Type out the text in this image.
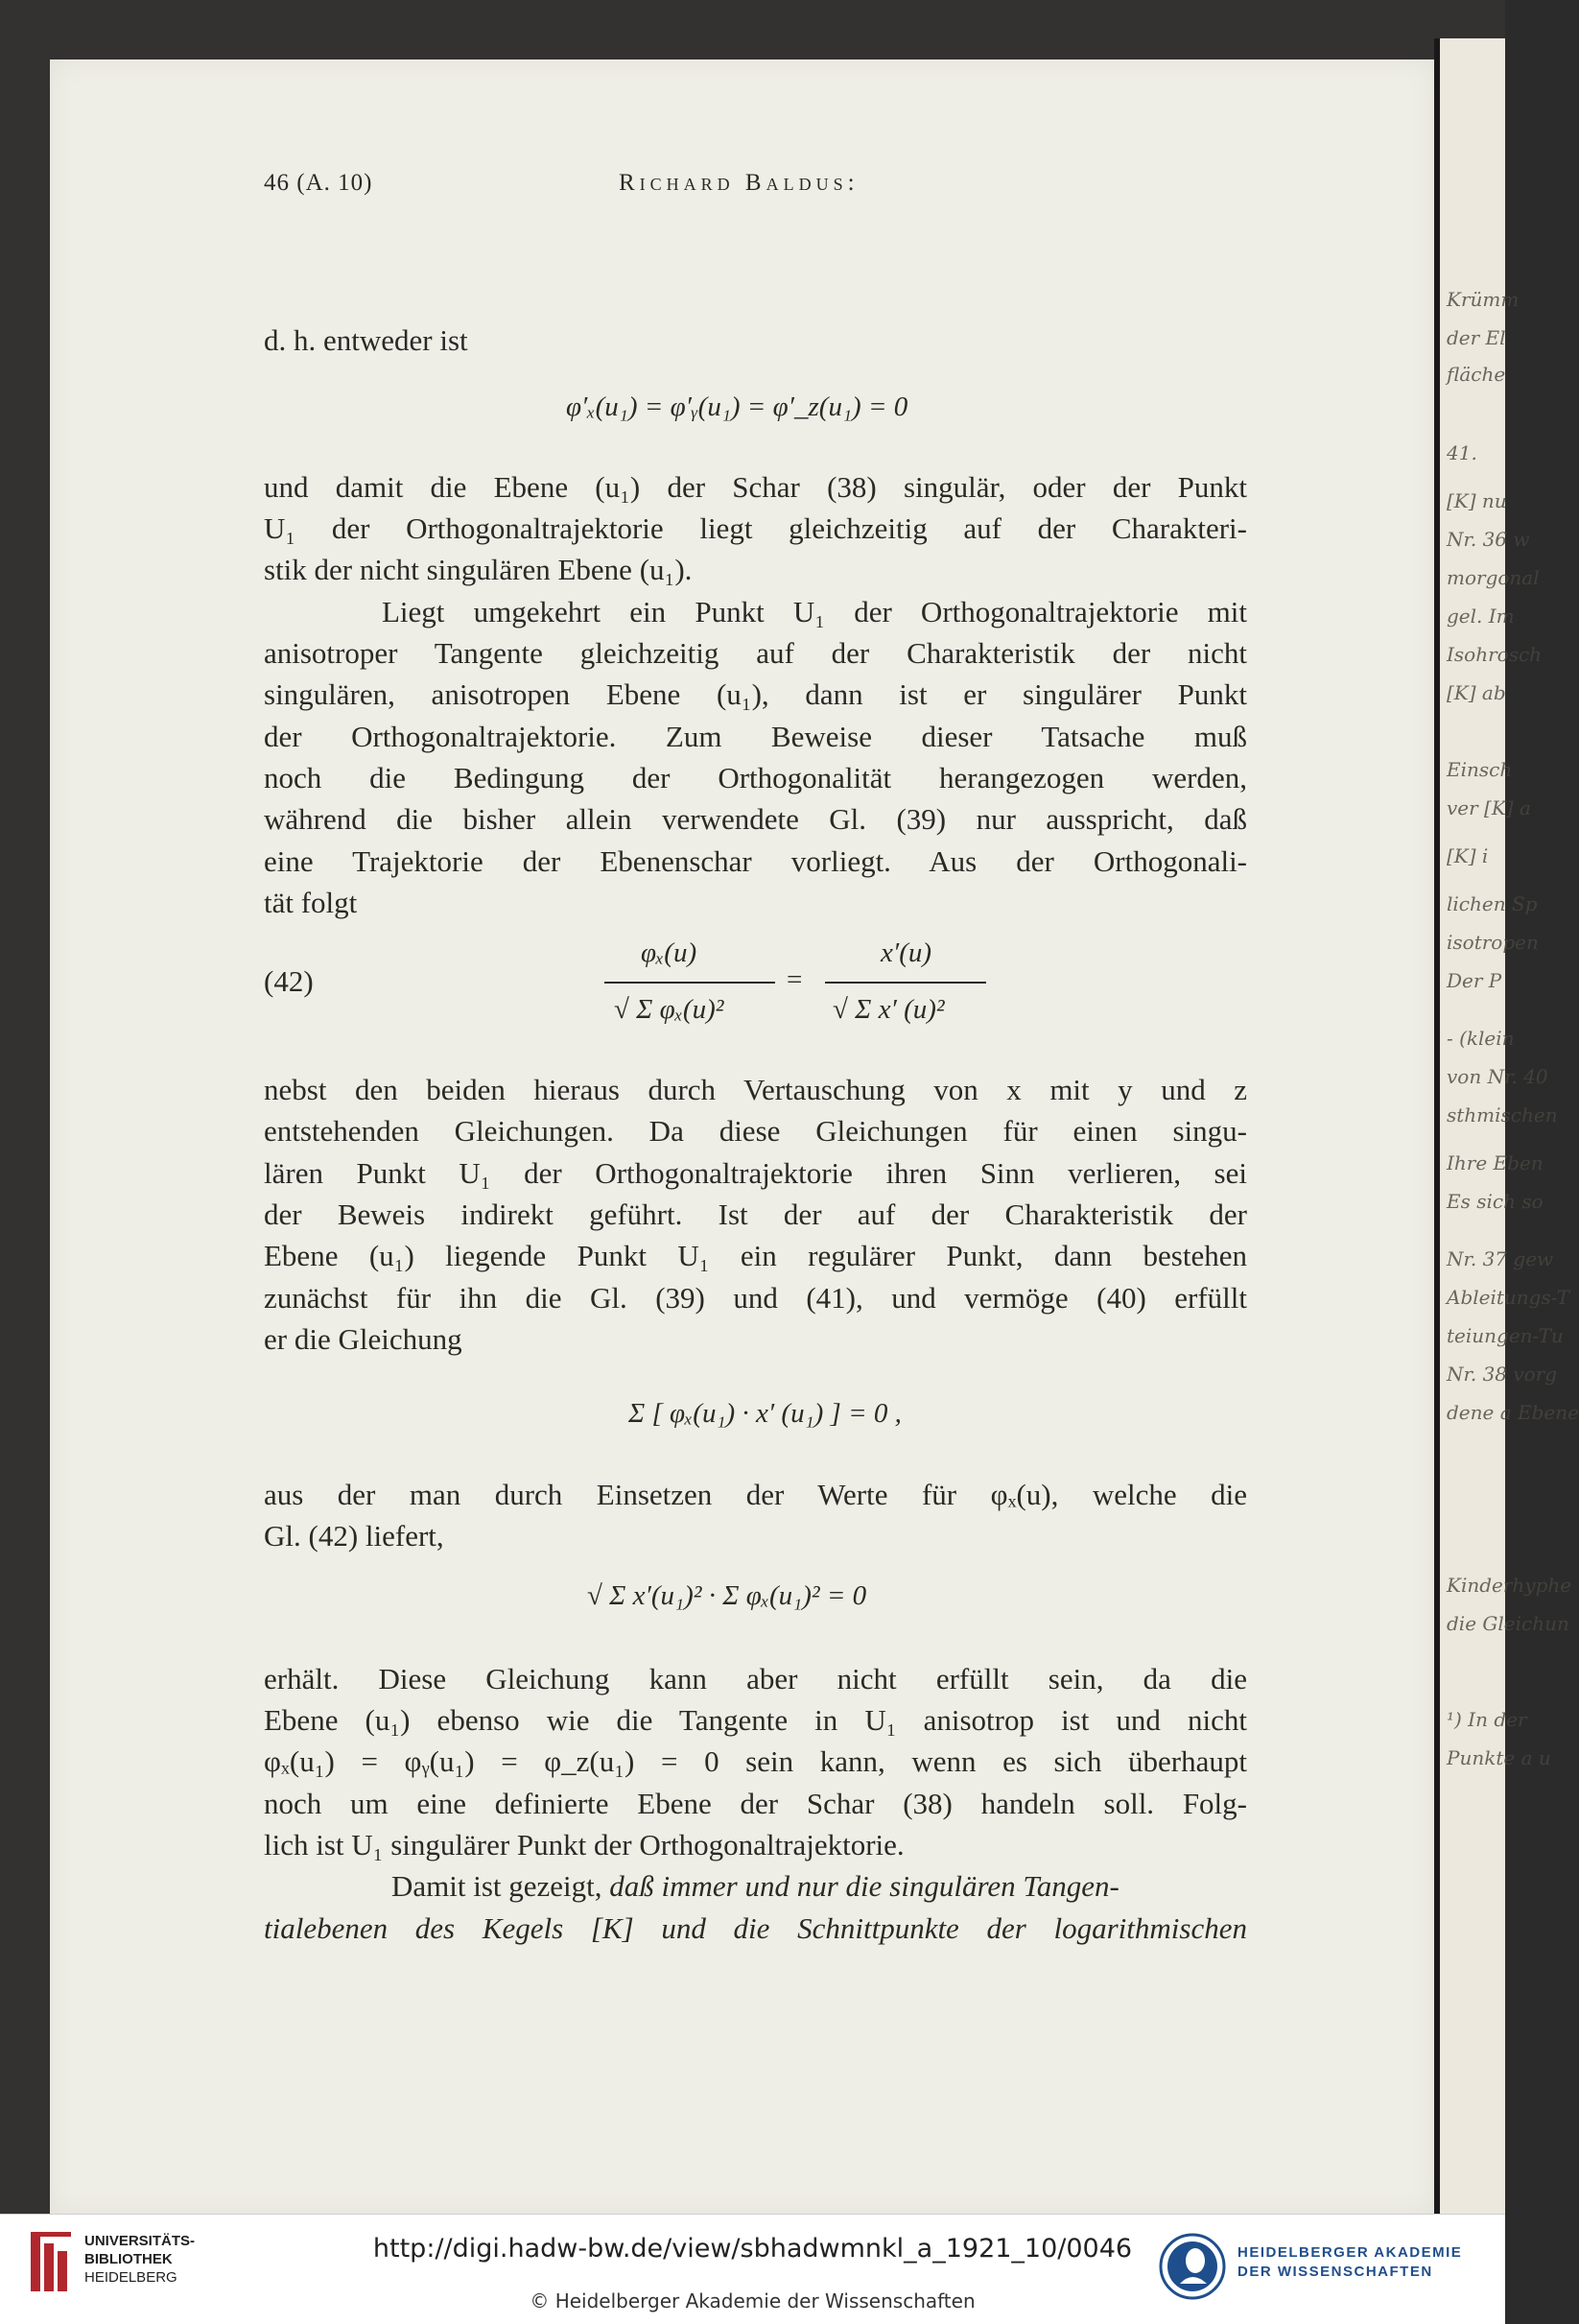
Krümm
der El
fläche
41.
[K] nu
Nr. 36 w
morgonal
gel. Im
Isohrosch
[K] ab
Einsch
ver [K] a
[K] i
lichen Sp
isotropen
Der P
- (klein
von Nr. 40
sthmischen
Ihre Eben
Es sich so
Nr. 37 gew
Ableitungs-T
teiungen-Tu
Nr. 38 vorg
dene a Ebene
Kinderhyphe
die Gleichun
¹) In der
Punkte a u
46 (A. 10)	Richard Baldus:
d. h. entweder ist
φ′ₓ(u₁) = φ′ᵧ(u₁) = φ′_z(u₁) = 0
und damit die Ebene (u₁) der Schar (38) singulär, oder der Punkt
U₁ der Orthogonaltrajektorie liegt gleichzeitig auf der Charakteri-
stik der nicht singulären Ebene (u₁).
Liegt umgekehrt ein Punkt U₁ der Orthogonaltrajektorie mit
anisotroper Tangente gleichzeitig auf der Charakteristik der nicht
singulären, anisotropen Ebene (u₁), dann ist er singulärer Punkt
der Orthogonaltrajektorie. Zum Beweise dieser Tatsache muß
noch die Bedingung der Orthogonalität herangezogen werden,
während die bisher allein verwendete Gl. (39) nur ausspricht, daß
eine Trajektorie der Ebenenschar vorliegt. Aus der Orthogonali-
tät folgt
(42)
φₓ(u)
√ Σ φₓ(u)²
=
x′(u)
√ Σ x′ (u)²
nebst den beiden hieraus durch Vertauschung von x mit y und z
entstehenden Gleichungen. Da diese Gleichungen für einen singu-
lären Punkt U₁ der Orthogonaltrajektorie ihren Sinn verlieren, sei
der Beweis indirekt geführt. Ist der auf der Charakteristik der
Ebene (u₁) liegende Punkt U₁ ein regulärer Punkt, dann bestehen
zunächst für ihn die Gl. (39) und (41), und vermöge (40) erfüllt
er die Gleichung
Σ [ φₓ(u₁) · x′ (u₁) ] = 0 ,
aus der man durch Einsetzen der Werte für φₓ(u), welche die
Gl. (42) liefert,
√ Σ x′(u₁)² · Σ φₓ(u₁)² = 0
erhält. Diese Gleichung kann aber nicht erfüllt sein, da die
Ebene (u₁) ebenso wie die Tangente in U₁ anisotrop ist und nicht
φₓ(u₁) = φᵧ(u₁) = φ_z(u₁) = 0 sein kann, wenn es sich überhaupt
noch um eine definierte Ebene der Schar (38) handeln soll. Folg-
lich ist U₁ singulärer Punkt der Orthogonaltrajektorie.
Damit ist gezeigt, daß immer und nur die singulären Tangen-
tialebenen des Kegels [K] und die Schnittpunkte der logarithmischen
UNIVERSITÄTS-
BIBLIOTHEK
HEIDELBERG
http://digi.hadw-bw.de/view/sbhadwmnkl_a_1921_10/0046
© Heidelberger Akademie der Wissenschaften
HEIDELBERGER AKADEMIE
DER WISSENSCHAFTEN
